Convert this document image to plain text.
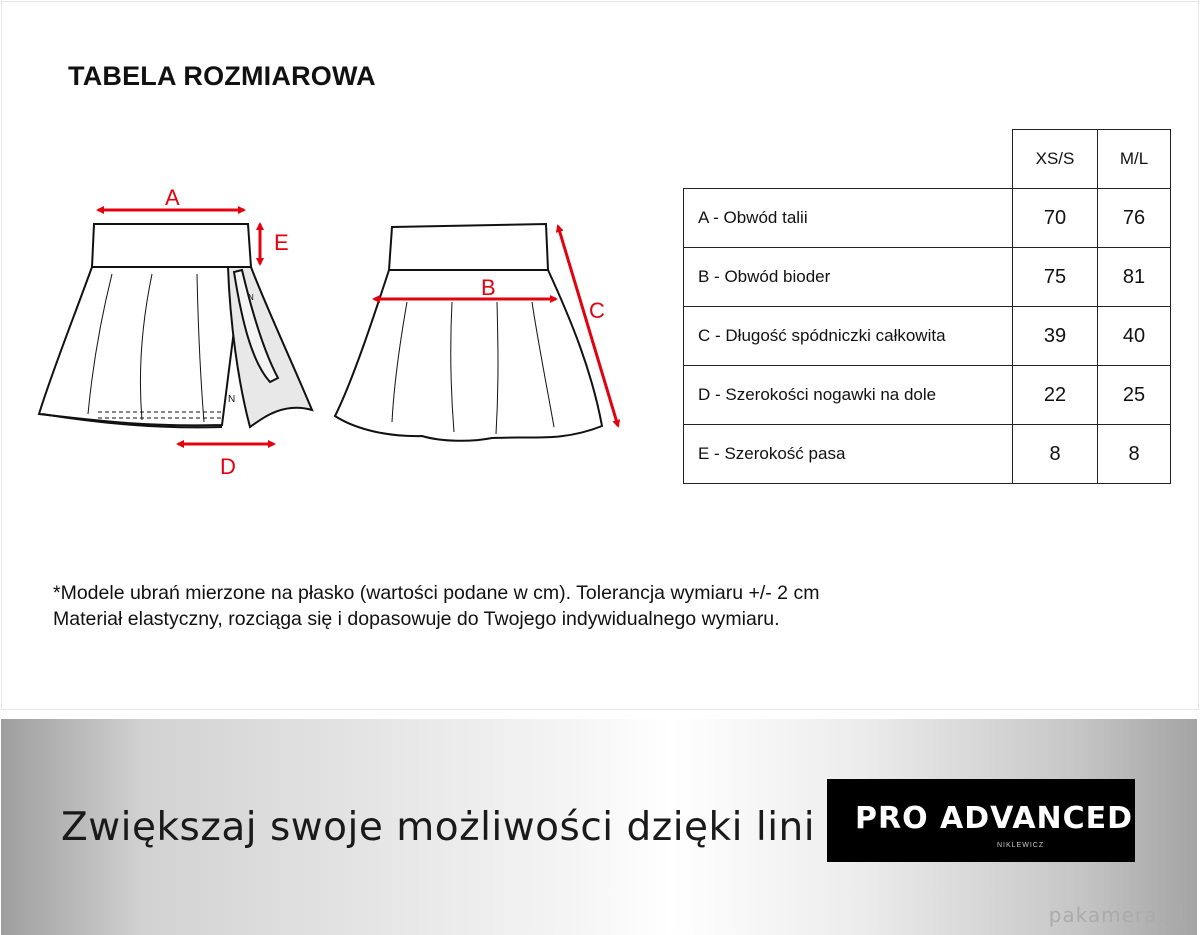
TABELA ROZMIAROWA
N
N
A
E
D
B
C
	XS/S	M/L
A - Obwód talii	70	76
B - Obwód bioder	75	81
C - Długość spódniczki całkowita	39	40
D - Szerokości nogawki na dole	22	25
E - Szerokość pasa	8	8
*Modele ubrań mierzone na płasko (wartości podane w cm). Tolerancja wymiaru +/- 2 cm
Materiał elastyczny, rozciąga się i dopasowuje do Twojego indywidualnego wymiaru.
Zwiększaj swoje możliwości dzięki lini PRO ADVANCED
NIKLEWICZ
pakamera.pl
